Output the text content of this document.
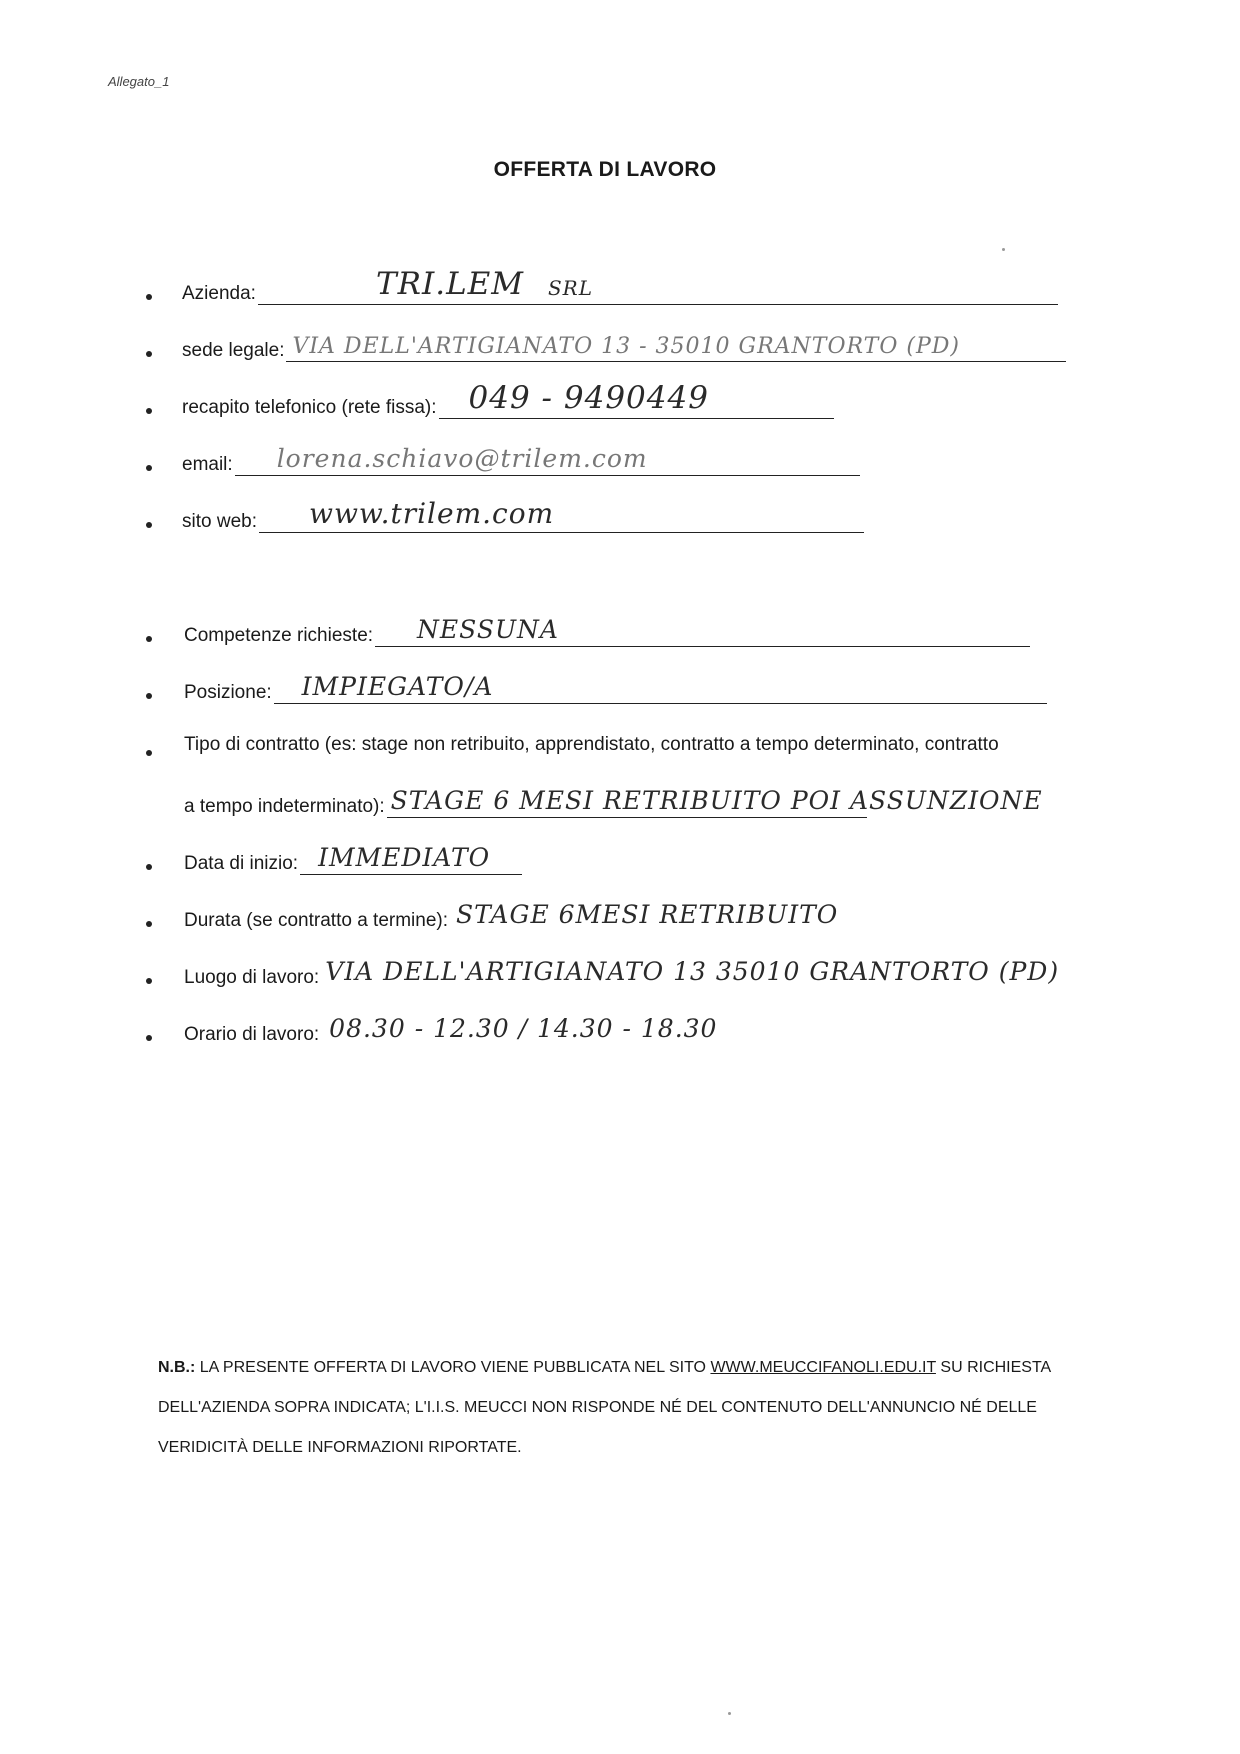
Allegato_1
OFFERTA DI LAVORO
Azienda:	TRI.LEM SRL
sede legale: VIA DELL'ARTIGIANATO 13 - 35010 GRANTORTO (PD)
recapito telefonico (rete fissa): 049 - 9490449
email: lorena.schiavo@trilem.com
sito web: www.trilem.com
Competenze richieste: NESSUNA
Posizione: IMPIEGATO/A
Tipo di contratto (es: stage non retribuito, apprendistato, contratto a tempo determinato, contratto
a tempo indeterminato): STAGE 6 MESI RETRIBUITO POI ASSUNZIONE
Data di inizio: IMMEDIATO
Durata (se contratto a termine): STAGE 6MESI RETRIBUITO
Luogo di lavoro: VIA DELL'ARTIGIANATO 13 35010 GRANTORTO (PD)
Orario di lavoro: 08.30 - 12.30 / 14.30 - 18.30
N.B.: LA PRESENTE OFFERTA DI LAVORO VIENE PUBBLICATA NEL SITO WWW.MEUCCIFANOLI.EDU.IT SU RICHIESTA DELL'AZIENDA SOPRA INDICATA; L'I.I.S. MEUCCI NON RISPONDE NÉ DEL CONTENUTO DELL'ANNUNCIO NÉ DELLE VERIDICITÀ DELLE INFORMAZIONI RIPORTATE.
